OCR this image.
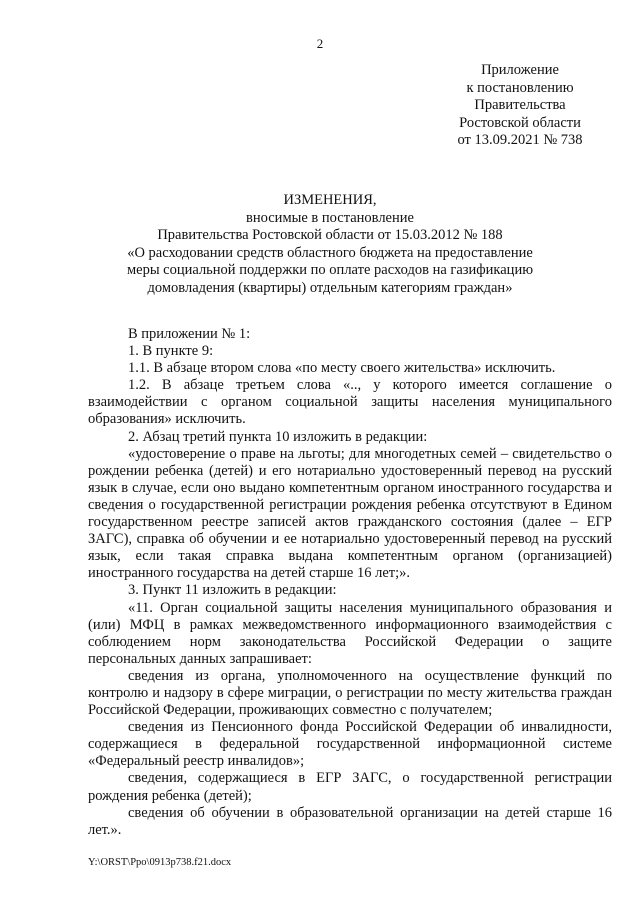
2
Приложение
к постановлению
Правительства
Ростовской области
от 13.09.2021 № 738
ИЗМЕНЕНИЯ,
вносимые в постановление
Правительства Ростовской области от 15.03.2012 № 188
«О расходовании средств областного бюджета на предоставление
меры социальной поддержки по оплате расходов на газификацию
домовладения (квартиры) отдельным категориям граждан»

В приложении № 1:

1. В пункте 9:

1.1. В абзаце втором слова «по месту своего жительства» исключить.

1.2. В абзаце третьем слова «.., у которого имеется соглашение о взаимодействии с органом социальной защиты населения муниципального образования» исключить.

2. Абзац третий пункта 10 изложить в редакции:

«удостоверение о праве на льготы; для многодетных семей – свидетельство о рождении ребенка (детей) и его нотариально удостоверенный перевод на русский язык в случае, если оно выдано компетентным органом иностранного государства и сведения о государственной регистрации рождения ребенка отсутствуют в Едином государственном реестре записей актов гражданского состояния (далее – ЕГР ЗАГС), справка об обучении и ее нотариально удостоверенный перевод на русский язык, если такая справка выдана компетентным органом (организацией) иностранного государства на детей старше 16 лет;».

3. Пункт 11 изложить в редакции:

«11. Орган социальной защиты населения муниципального образования и (или) МФЦ в рамках межведомственного информационного взаимодействия с соблюдением норм законодательства Российской Федерации о защите персональных данных запрашивает:

сведения из органа, уполномоченного на осуществление функций по контролю и надзору в сфере миграции, о регистрации по месту жительства граждан Российской Федерации, проживающих совместно с получателем;

сведения из Пенсионного фонда Российской Федерации об инвалидности, содержащиеся в федеральной государственной информационной системе «Федеральный реестр инвалидов»;

сведения, содержащиеся в ЕГР ЗАГС, о государственной регистрации рождения ребенка (детей);

сведения об обучении в образовательной организации на детей старше 16 лет.».

Y:\ORST\Ppo\0913p738.f21.docx
